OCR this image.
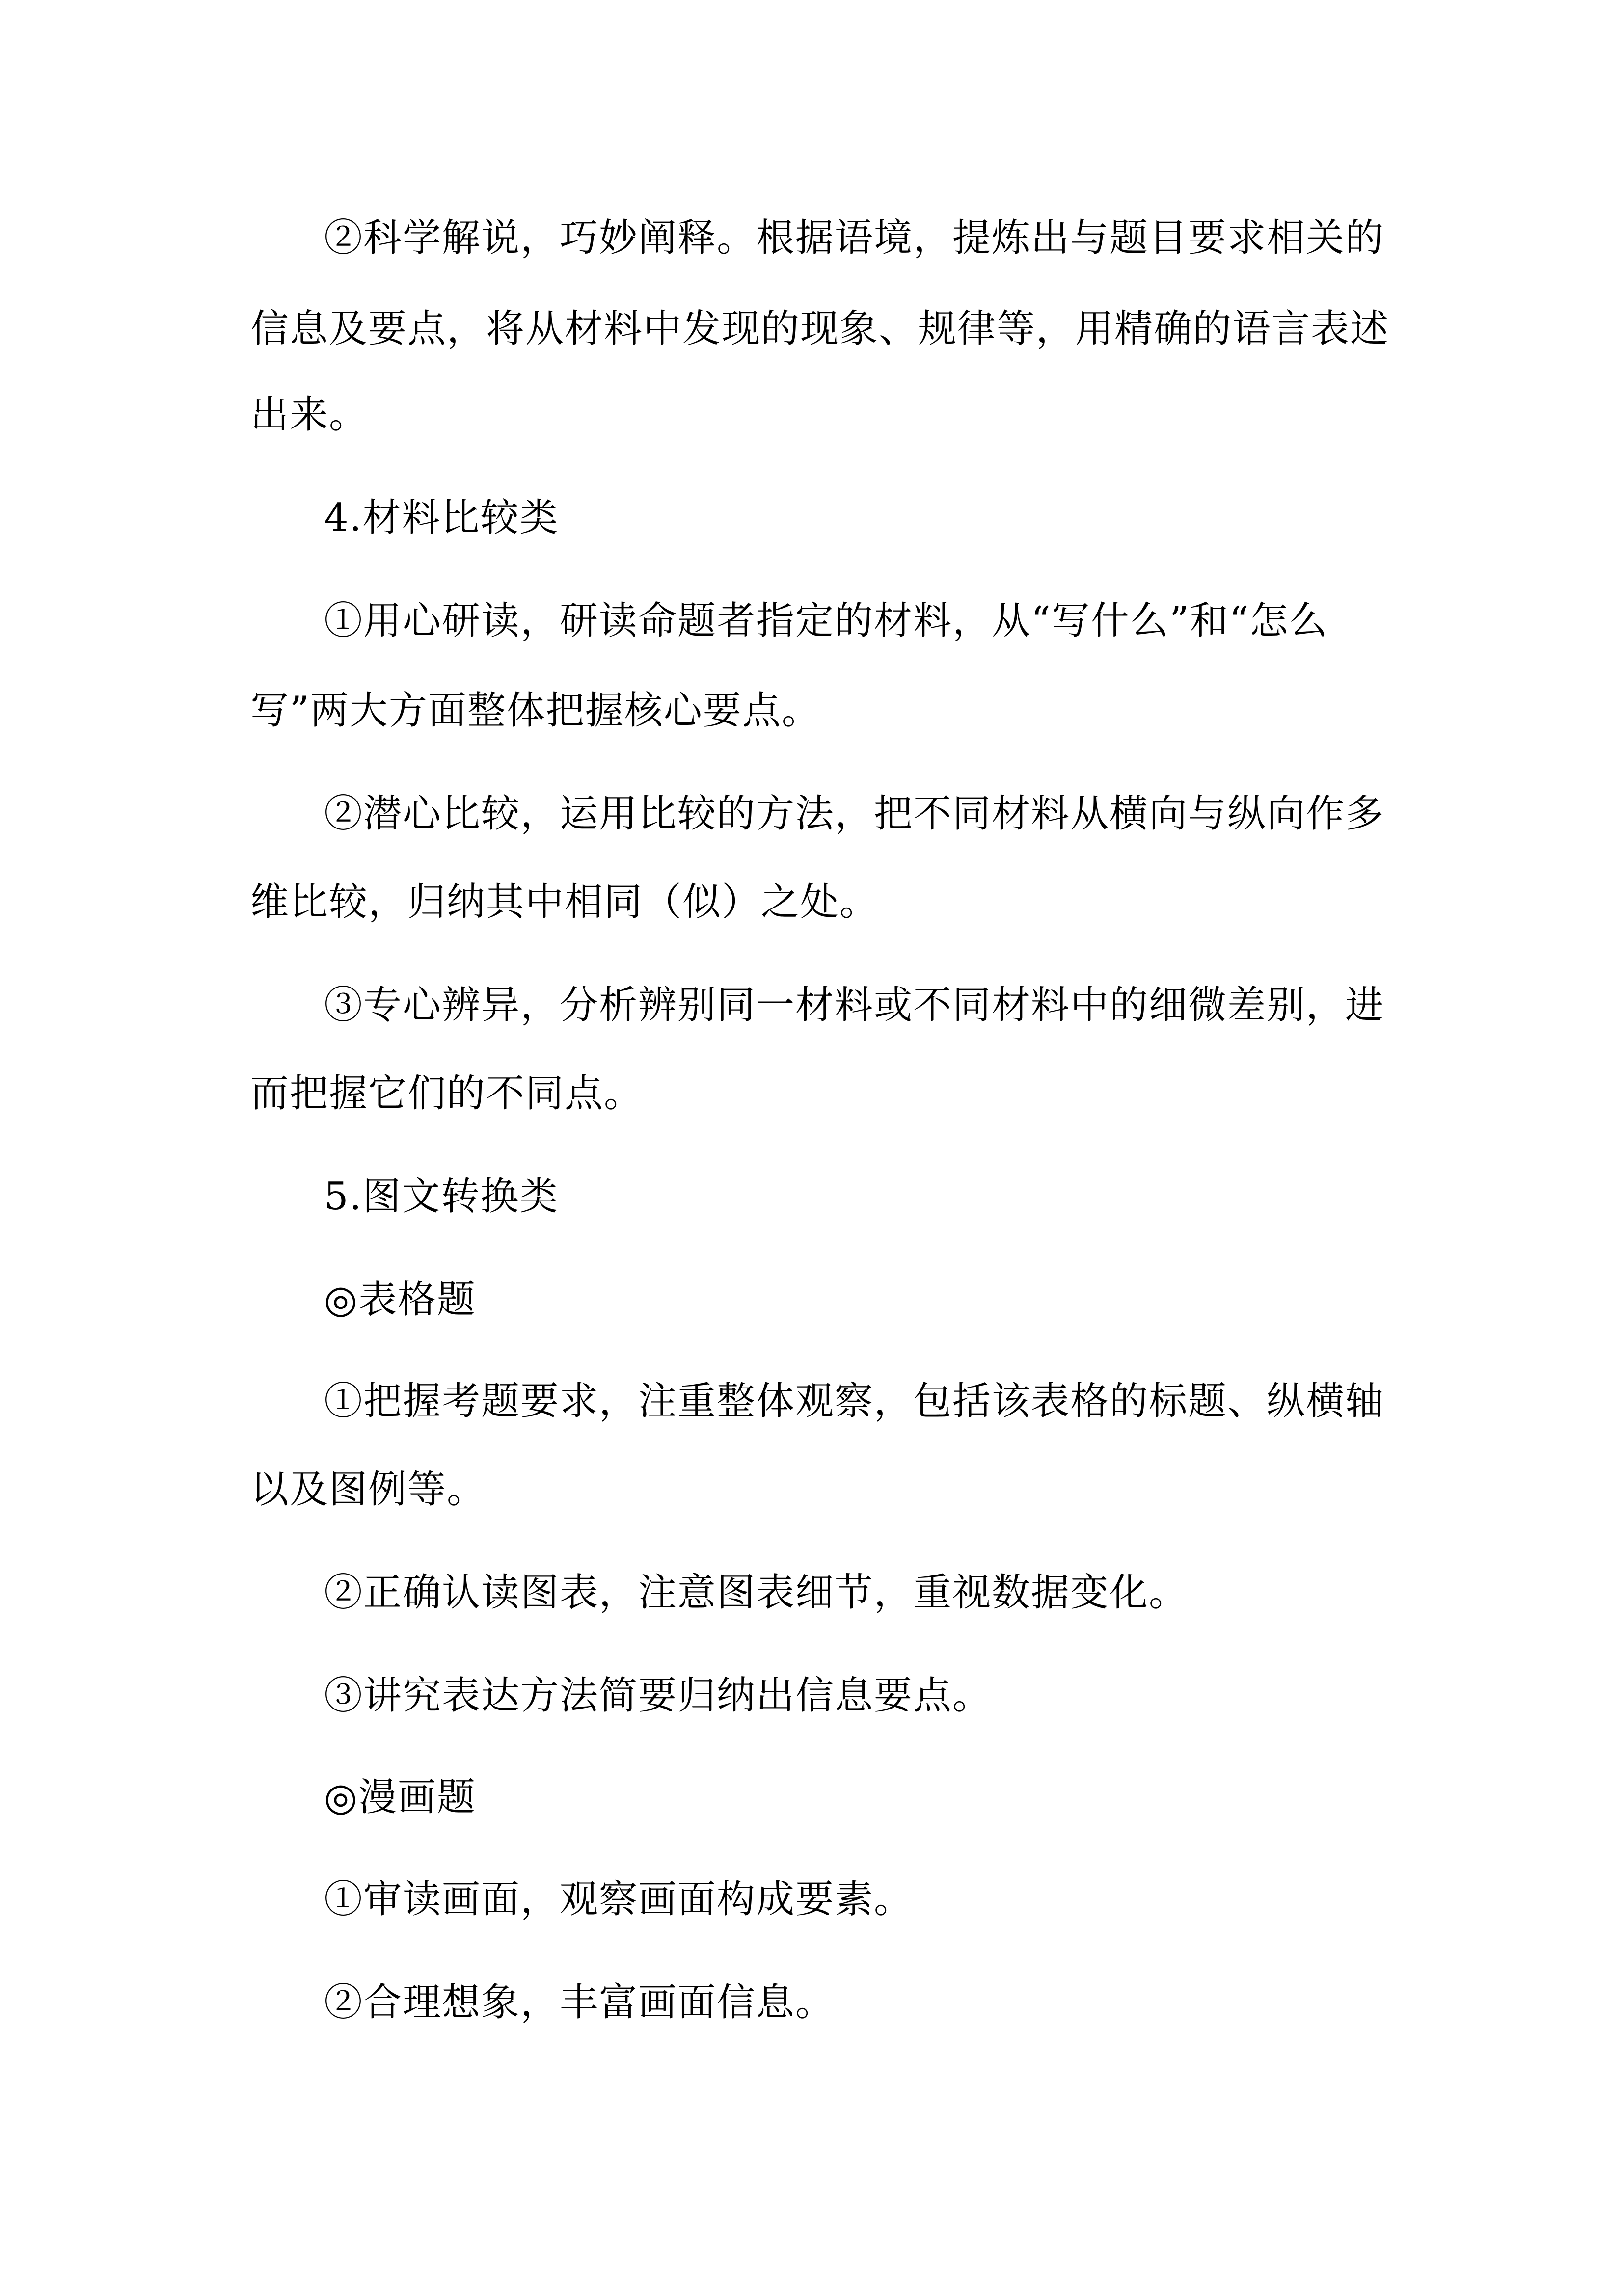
②科学解说，巧妙阐释。根据语境，提炼出与题目要求相关的
信息及要点，将从材料中发现的现象、规律等，用精确的语言表述
出来。
4.材料比较类
①用心研读，研读命题者指定的材料，从“写什么”和“怎么
写”两大方面整体把握核心要点。
②潜心比较，运用比较的方法，把不同材料从横向与纵向作多
维比较，归纳其中相同（似）之处。
③专心辨异，分析辨别同一材料或不同材料中的细微差别，进
而把握它们的不同点。
5.图文转换类
◎表格题
①把握考题要求，注重整体观察，包括该表格的标题、纵横轴
以及图例等。
②正确认读图表，注意图表细节，重视数据变化。
③讲究表达方法简要归纳出信息要点。
◎漫画题
①审读画面，观察画面构成要素。
②合理想象，丰富画面信息。
